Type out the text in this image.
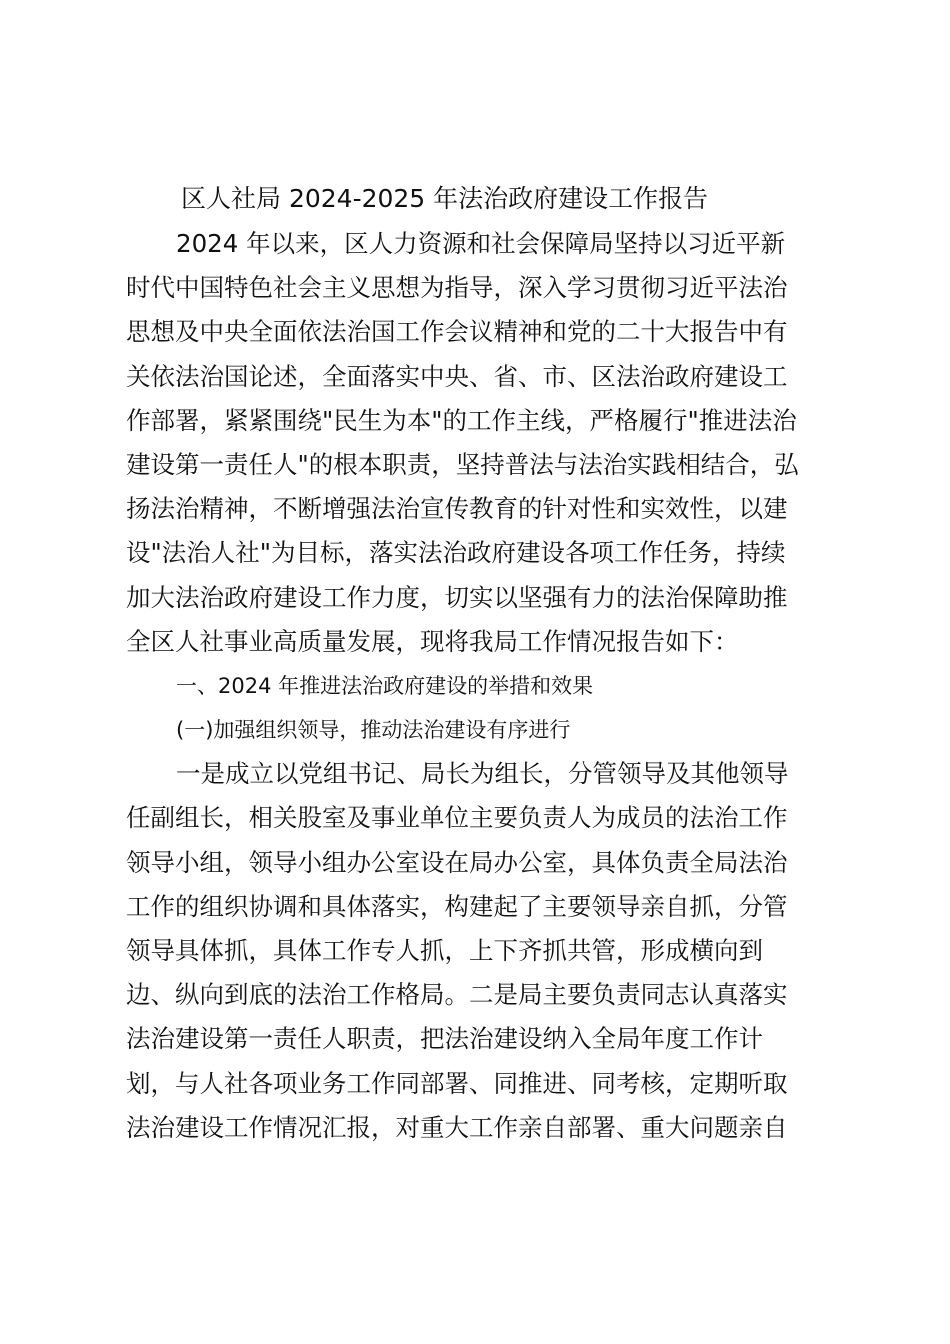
区人社局 2024-2025 年法治政府建设工作报告

2024 年以来，区人力资源和社会保障局坚持以习近平新

时代中国特色社会主义思想为指导，深入学习贯彻习近平法治

思想及中央全面依法治国工作会议精神和党的二十大报告中有

关依法治国论述，全面落实中央、省、市、区法治政府建设工

作部署，紧紧围绕"民生为本"的工作主线，严格履行"推进法治

建设第一责任人"的根本职责，坚持普法与法治实践相结合，弘

扬法治精神，不断增强法治宣传教育的针对性和实效性，以建

设"法治人社"为目标，落实法治政府建设各项工作任务，持续

加大法治政府建设工作力度，切实以坚强有力的法治保障助推

全区人社事业高质量发展，现将我局工作情况报告如下：

一、2024 年推进法治政府建设的举措和效果

(一)加强组织领导，推动法治建设有序进行

一是成立以党组书记、局长为组长，分管领导及其他领导

任副组长，相关股室及事业单位主要负责人为成员的法治工作

领导小组，领导小组办公室设在局办公室，具体负责全局法治

工作的组织协调和具体落实，构建起了主要领导亲自抓，分管

领导具体抓，具体工作专人抓，上下齐抓共管，形成横向到

边、纵向到底的法治工作格局。二是局主要负责同志认真落实

法治建设第一责任人职责，把法治建设纳入全局年度工作计

划，与人社各项业务工作同部署、同推进、同考核，定期听取

法治建设工作情况汇报，对重大工作亲自部署、重大问题亲自
